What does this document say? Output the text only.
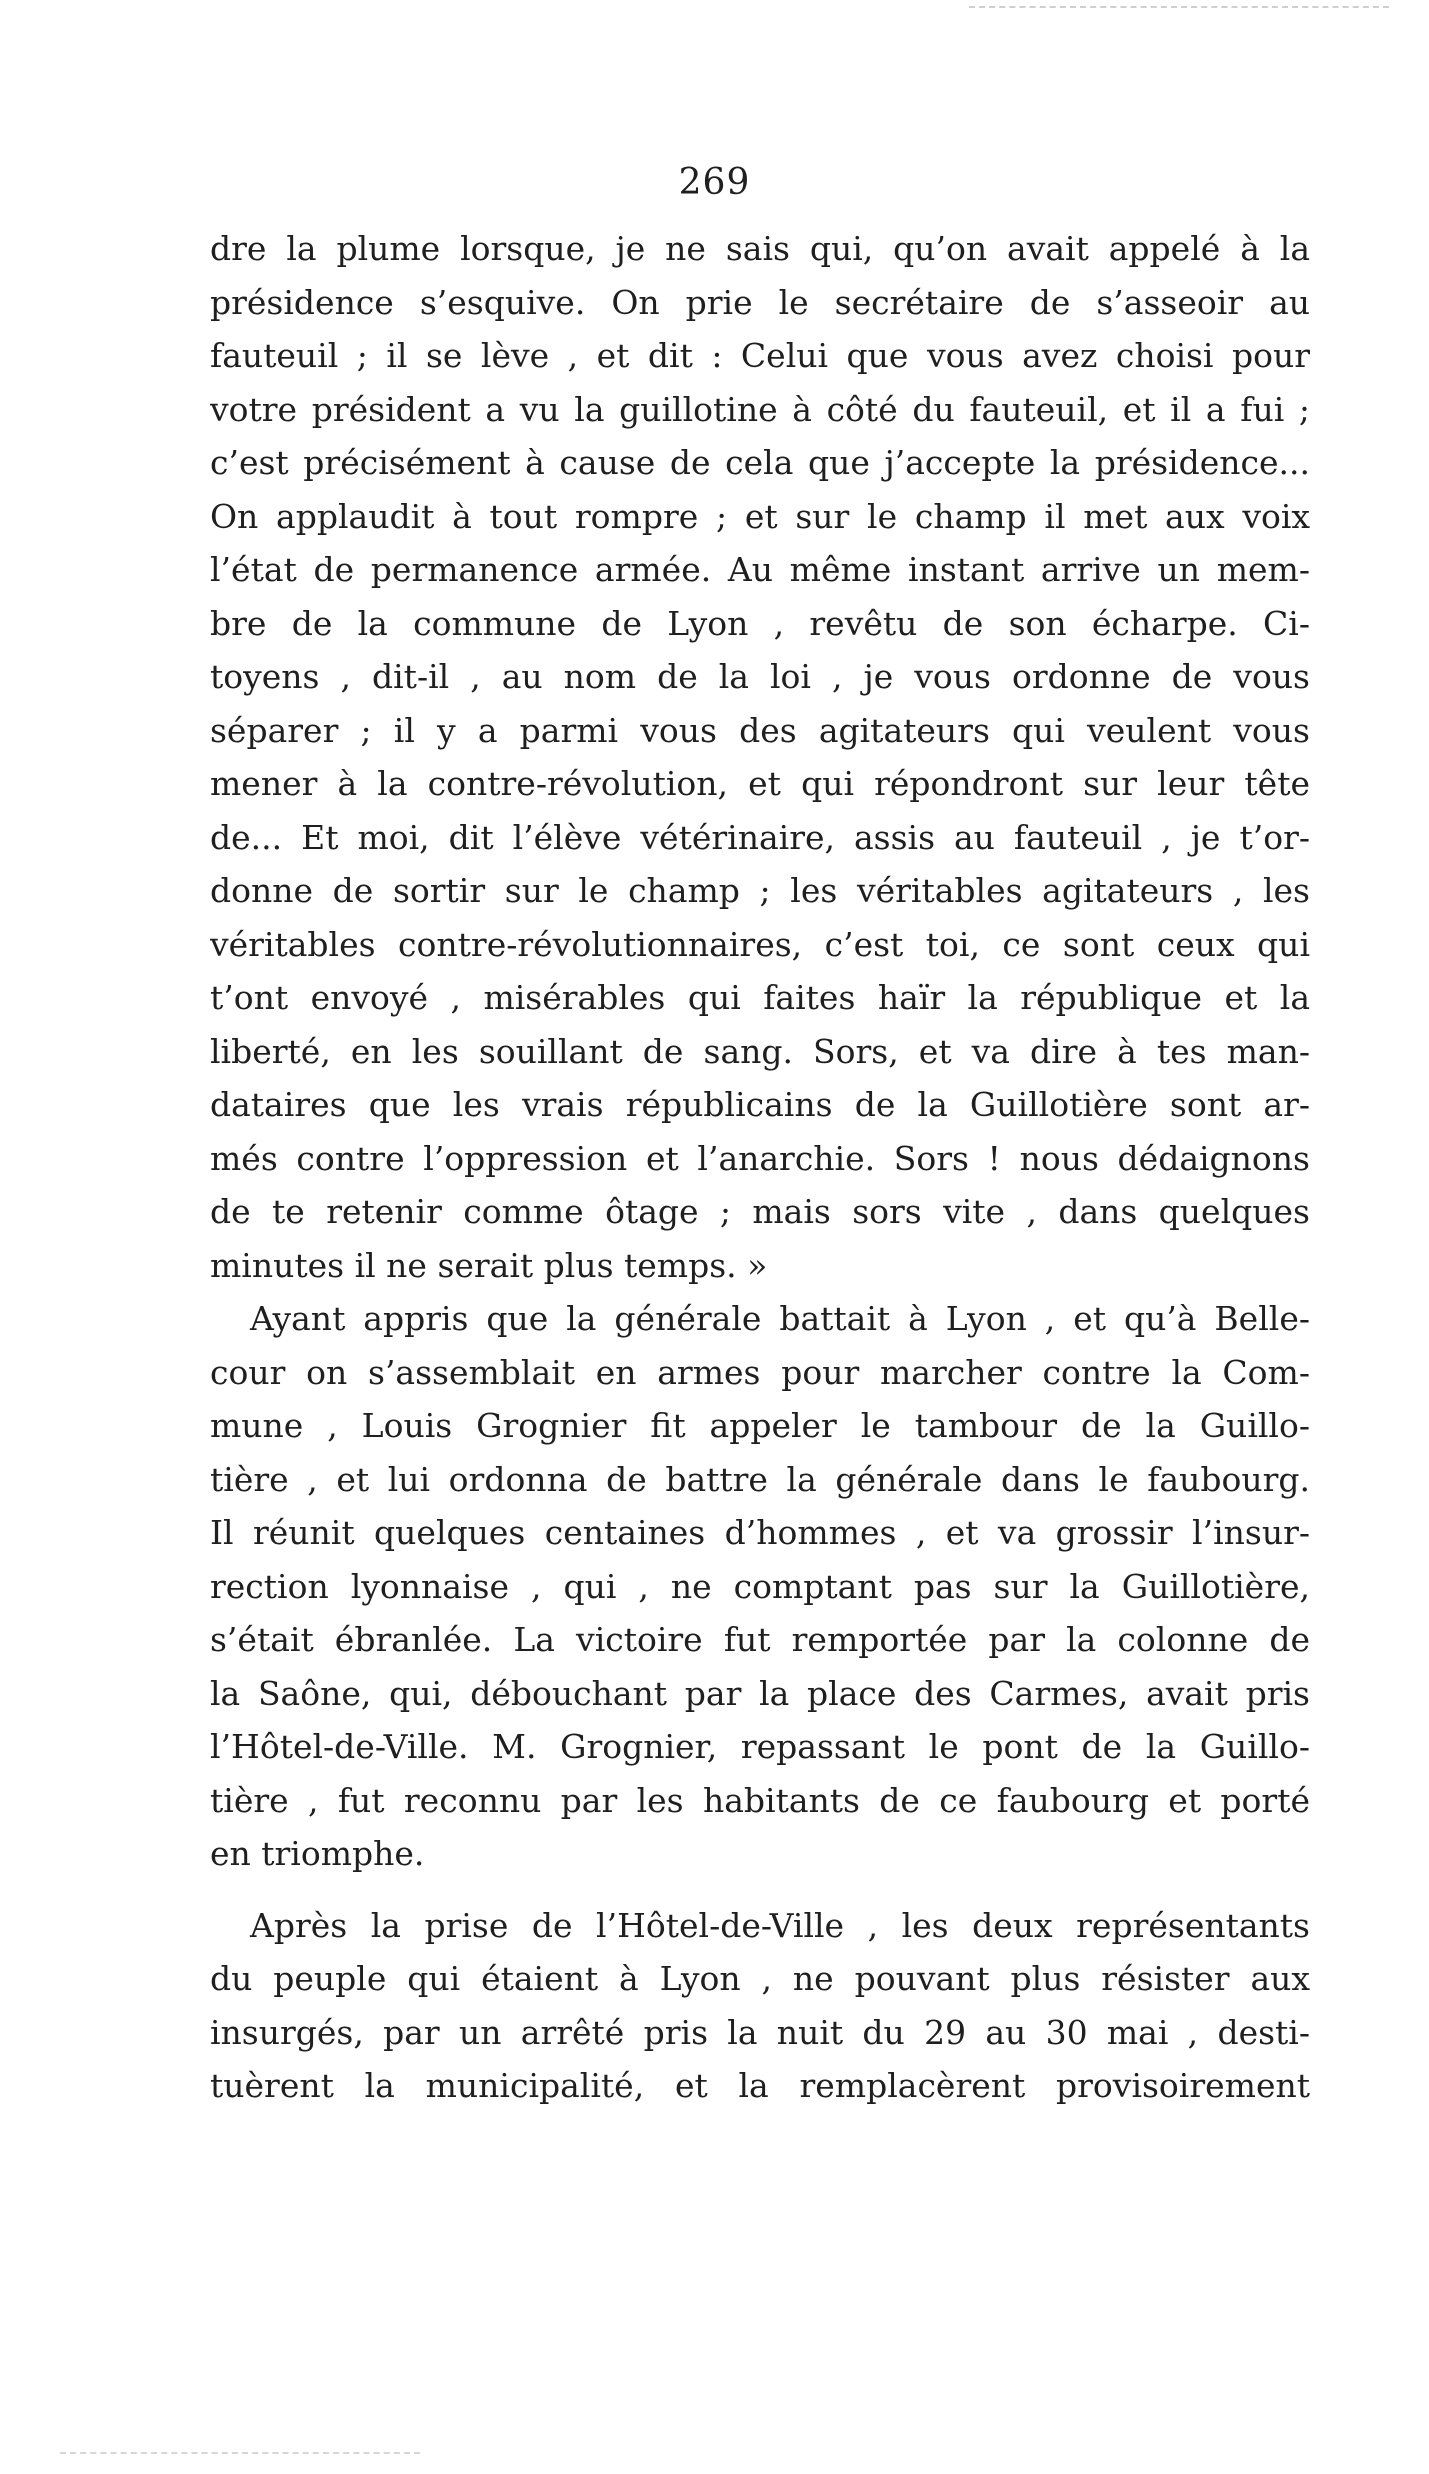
269
dre la plume lorsque, je ne sais qui, qu’on avait appelé à la
présidence s’esquive. On prie le secrétaire de s’asseoir au
fauteuil ; il se lève , et dit : Celui que vous avez choisi pour
votre président a vu la guillotine à côté du fauteuil, et il a fui ;
c’est précisément à cause de cela que j’accepte la présidence...
On applaudit à tout rompre ; et sur le champ il met aux voix
l’état de permanence armée. Au même instant arrive un mem-
bre de la commune de Lyon , revêtu de son écharpe. Ci-
toyens , dit-il , au nom de la loi , je vous ordonne de vous
séparer ; il y a parmi vous des agitateurs qui veulent vous
mener à la contre-révolution, et qui répondront sur leur tête
de... Et moi, dit l’élève vétérinaire, assis au fauteuil , je t’or-
donne de sortir sur le champ ; les véritables agitateurs , les
véritables contre-révolutionnaires, c’est toi, ce sont ceux qui
t’ont envoyé , misérables qui faites haïr la république et la
liberté, en les souillant de sang. Sors, et va dire à tes man-
dataires que les vrais républicains de la Guillotière sont ar-
més contre l’oppression et l’anarchie. Sors ! nous dédaignons
de te retenir comme ôtage ; mais sors vite , dans quelques
minutes il ne serait plus temps. »
Ayant appris que la générale battait à Lyon , et qu’à Belle-
cour on s’assemblait en armes pour marcher contre la Com-
mune , Louis Grognier fit appeler le tambour de la Guillo-
tière , et lui ordonna de battre la générale dans le faubourg.
Il réunit quelques centaines d’hommes , et va grossir l’insur-
rection lyonnaise , qui , ne comptant pas sur la Guillotière,
s’était ébranlée. La victoire fut remportée par la colonne de
la Saône, qui, débouchant par la place des Carmes, avait pris
l’Hôtel-de-Ville. M. Grognier, repassant le pont de la Guillo-
tière , fut reconnu par les habitants de ce faubourg et porté
en triomphe.
Après la prise de l’Hôtel-de-Ville , les deux représentants
du peuple qui étaient à Lyon , ne pouvant plus résister aux
insurgés, par un arrêté pris la nuit du 29 au 30 mai , desti-
tuèrent la municipalité, et la remplacèrent provisoirement
